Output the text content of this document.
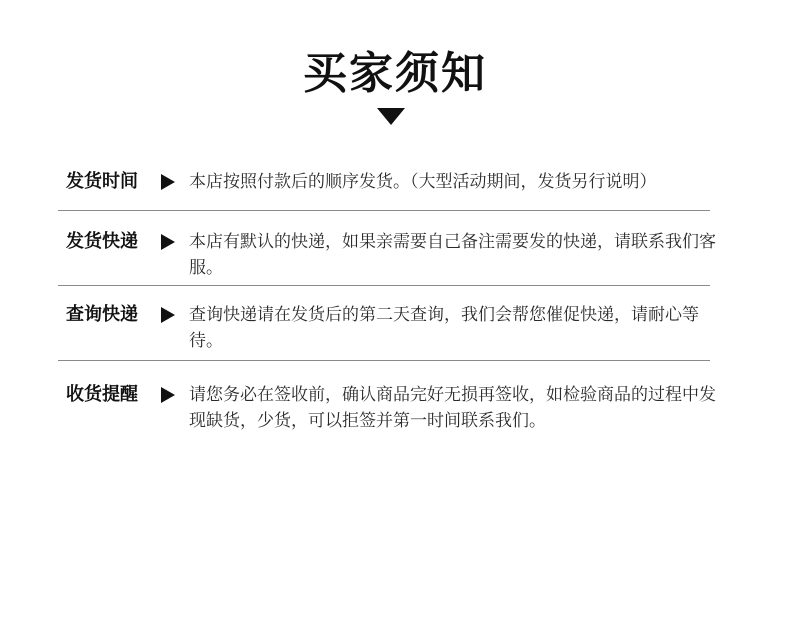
买家须知
发货时间	本店按照付款后的顺序发货。（大型活动期间，发货另行说明）
发货快递	本店有默认的快递，如果亲需要自己备注需要发的快递，请联系我们客服。
查询快递	查询快递请在发货后的第二天查询，我们会帮您催促快递，请耐心等待。
收货提醒	请您务必在签收前，确认商品完好无损再签收，如检验商品的过程中发现缺货，少货，可以拒签并第一时间联系我们。
